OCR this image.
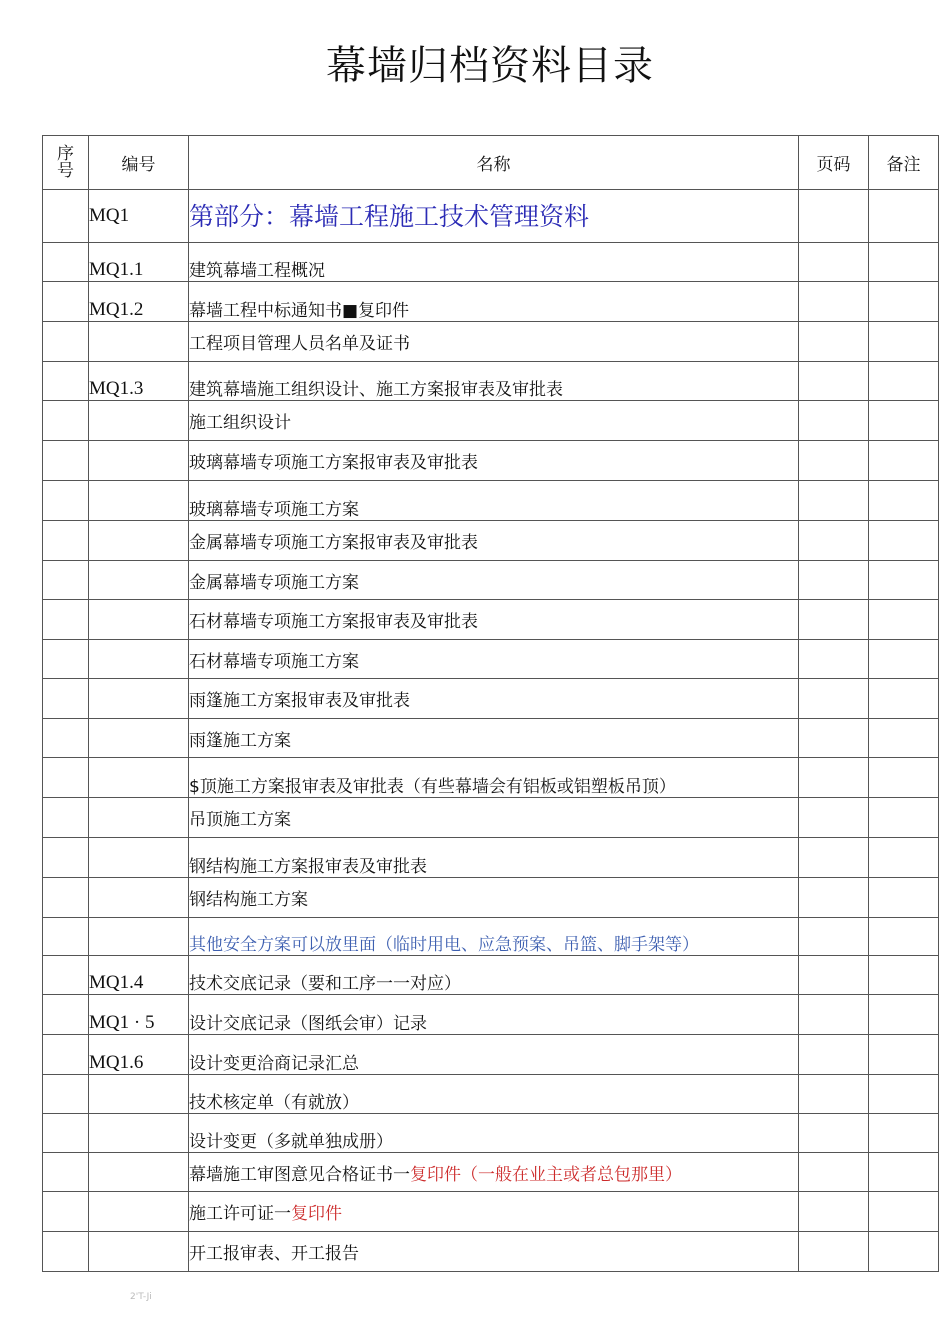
幕墙归档资料目录
序
号	编号	名称	页码	备注
	MQ1	第部分：幕墙工程施工技术管理资料		
	MQ1.1	建筑幕墙工程概况		
	MQ1.2	幕墙工程中标通知书■复印件		
		工程项目管理人员名单及证书		
	MQ1.3	建筑幕墙施工组织设计、施工方案报审表及审批表		
		施工组织设计		
		玻璃幕墙专项施工方案报审表及审批表		
		玻璃幕墙专项施工方案		
		金属幕墙专项施工方案报审表及审批表		
		金属幕墙专项施工方案		
		石材幕墙专项施工方案报审表及审批表		
		石材幕墙专项施工方案		
		雨篷施工方案报审表及审批表		
		雨篷施工方案		
		$顶施工方案报审表及审批表（有些幕墙会有铝板或铝塑板吊顶）		
		吊顶施工方案		
		钢结构施工方案报审表及审批表		
		钢结构施工方案		
		其他安全方案可以放里面（临时用电、应急预案、吊篮、脚手架等）		
	MQ1.4	技术交底记录（要和工序一一对应）		
	MQ1 · 5	设计交底记录（图纸会审）记录		
	MQ1.6	设计变更洽商记录汇总		
		技术核定单（有就放）		
		设计变更（多就单独成册）		
		幕墙施工审图意见合格证书一复印件（一般在业主或者总包那里）		
		施工许可证一复印件		
		开工报审表、开工报告		
2'T-Ji
